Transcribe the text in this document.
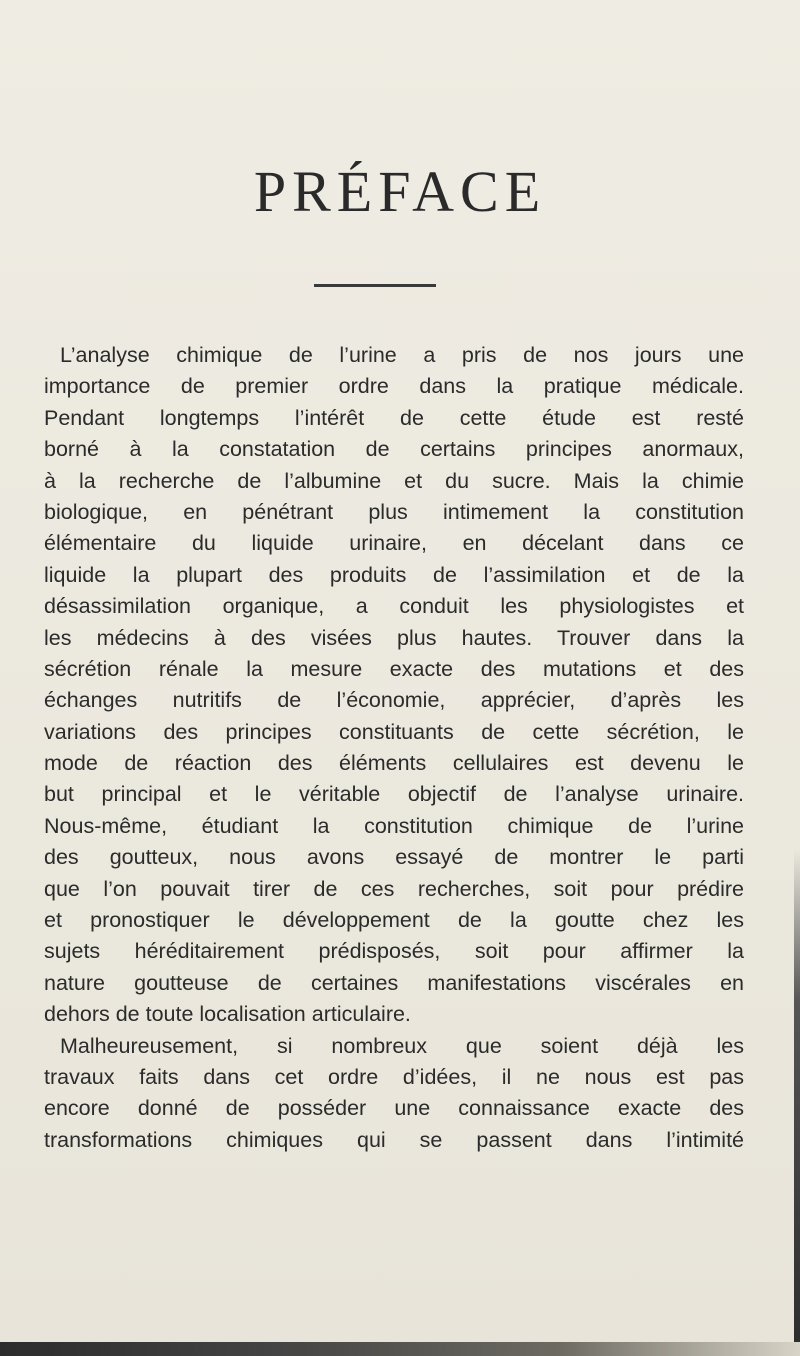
PRÉFACE
L’analyse chimique de l’urine a pris de nos jours une
importance de premier ordre dans la pratique médicale.
Pendant longtemps l’intérêt de cette étude est resté
borné à la constatation de certains principes anormaux,
à la recherche de l’albumine et du sucre. Mais la chimie
biologique, en pénétrant plus intimement la constitution
élémentaire du liquide urinaire, en décelant dans ce
liquide la plupart des produits de l’assimilation et de la
désassimilation organique, a conduit les physiologistes et
les médecins à des visées plus hautes. Trouver dans la
sécrétion rénale la mesure exacte des mutations et des
échanges nutritifs de l’économie, apprécier, d’après les
variations des principes constituants de cette sécrétion, le
mode de réaction des éléments cellulaires est devenu le
but principal et le véritable objectif de l’analyse urinaire.
Nous-même, étudiant la constitution chimique de l’urine
des goutteux, nous avons essayé de montrer le parti
que l’on pouvait tirer de ces recherches, soit pour prédire
et pronostiquer le développement de la goutte chez les
sujets héréditairement prédisposés, soit pour affirmer la
nature goutteuse de certaines manifestations viscérales en
dehors de toute localisation articulaire.
Malheureusement, si nombreux que soient déjà les
travaux faits dans cet ordre d’idées, il ne nous est pas
encore donné de posséder une connaissance exacte des
transformations chimiques qui se passent dans l’intimité
